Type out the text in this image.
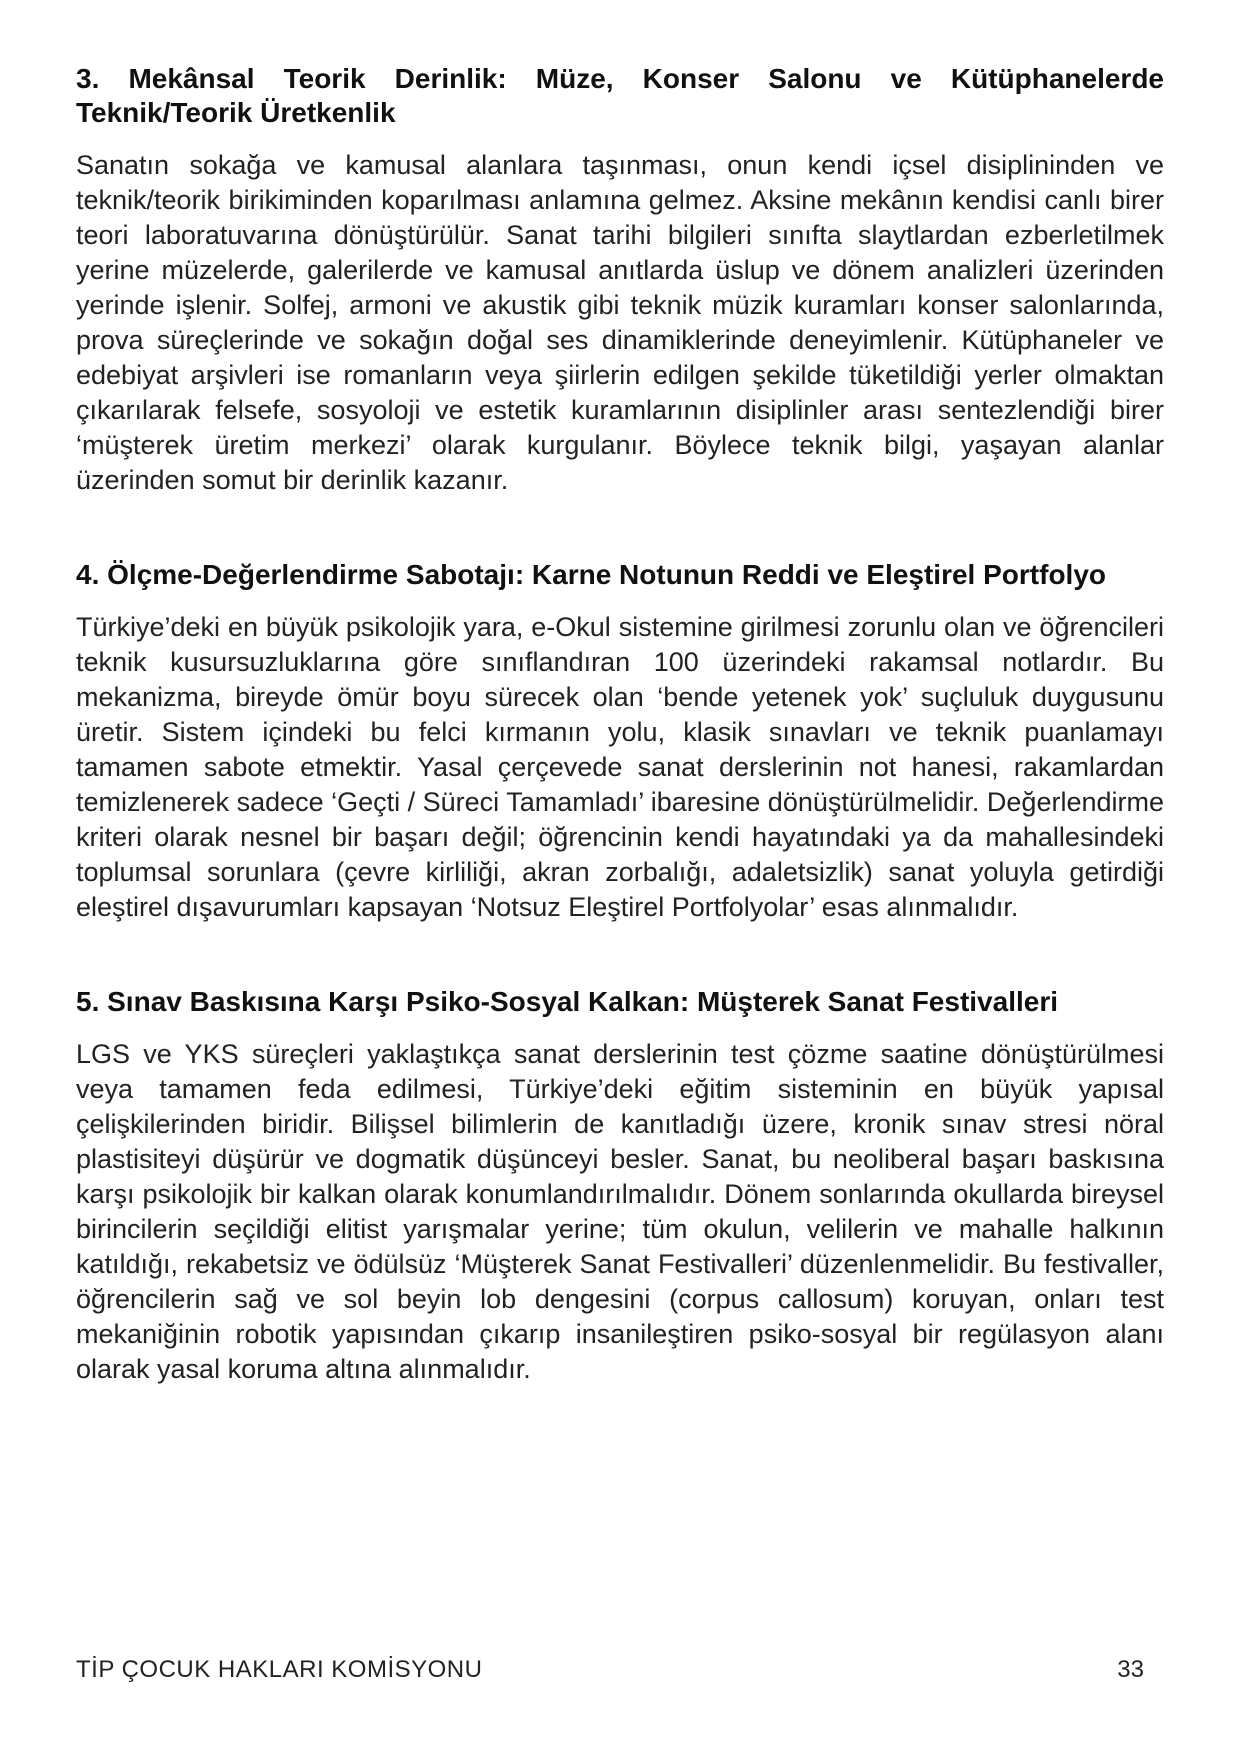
3. Mekânsal Teorik Derinlik: Müze, Konser Salonu ve Kütüphanelerde Teknik/Teorik Üretkenlik

Sanatın sokağa ve kamusal alanlara taşınması, onun kendi içsel disiplininden ve teknik/teorik birikiminden koparılması anlamına gelmez. Aksine mekânın kendisi canlı birer teori laboratuvarına dönüştürülür. Sanat tarihi bilgileri sınıfta slaytlardan ezberletilmek yerine müzelerde, galerilerde ve kamusal anıtlarda üslup ve dönem analizleri üzerinden yerinde işlenir. Solfej, armoni ve akustik gibi teknik müzik kuramları konser salonlarında, prova süreçlerinde ve sokağın doğal ses dinamiklerinde deneyimlenir. Kütüphaneler ve edebiyat arşivleri ise romanların veya şiirlerin edilgen şekilde tüketildiği yerler olmaktan çıkarılarak felsefe, sosyoloji ve estetik kuramlarının disiplinler arası sentezlendiği birer ‘müşterek üretim merkezi’ olarak kurgulanır. Böylece teknik bilgi, yaşayan alanlar üzerinden somut bir derinlik kazanır.

4. Ölçme-Değerlendirme Sabotajı: Karne Notunun Reddi ve Eleştirel Portfolyo

Türkiye’deki en büyük psikolojik yara, e-Okul sistemine girilmesi zorunlu olan ve öğrencileri teknik kusursuzluklarına göre sınıflandıran 100 üzerindeki rakamsal notlardır. Bu mekanizma, bireyde ömür boyu sürecek olan ‘bende yetenek yok’ suçluluk duygusunu üretir. Sistem içindeki bu felci kırmanın yolu, klasik sınavları ve teknik puanlamayı tamamen sabote etmektir. Yasal çerçevede sanat derslerinin not hanesi, rakamlardan temizlenerek sadece ‘Geçti / Süreci Tamamladı’ ibaresine dönüştürülmelidir. Değerlendirme kriteri olarak nesnel bir başarı değil; öğrencinin kendi hayatındaki ya da mahallesindeki toplumsal sorunlara (çevre kirliliği, akran zorbalığı, adaletsizlik) sanat yoluyla getirdiği eleştirel dışavurumları kapsayan ‘Notsuz Eleştirel Portfolyolar’ esas alınmalıdır.

5. Sınav Baskısına Karşı Psiko-Sosyal Kalkan: Müşterek Sanat Festivalleri

LGS ve YKS süreçleri yaklaştıkça sanat derslerinin test çözme saatine dönüştürülmesi veya tamamen feda edilmesi, Türkiye’deki eğitim sisteminin en büyük yapısal çelişkilerinden biridir. Bilişsel bilimlerin de kanıtladığı üzere, kronik sınav stresi nöral plastisiteyi düşürür ve dogmatik düşünceyi besler. Sanat, bu neoliberal başarı baskısına karşı psikolojik bir kalkan olarak konumlandırılmalıdır. Dönem sonlarında okullarda bireysel birincilerin seçildiği elitist yarışmalar yerine; tüm okulun, velilerin ve mahalle halkının katıldığı, rekabetsiz ve ödülsüz ‘Müşterek Sanat Festivalleri’ düzenlenmelidir. Bu festivaller, öğrencilerin sağ ve sol beyin lob dengesini (corpus callosum) koruyan, onları test mekaniğinin robotik yapısından çıkarıp insanileştiren psiko-sosyal bir regülasyon alanı olarak yasal koruma altına alınmalıdır.

TİP ÇOCUK HAKLARI KOMİSYONU	33
